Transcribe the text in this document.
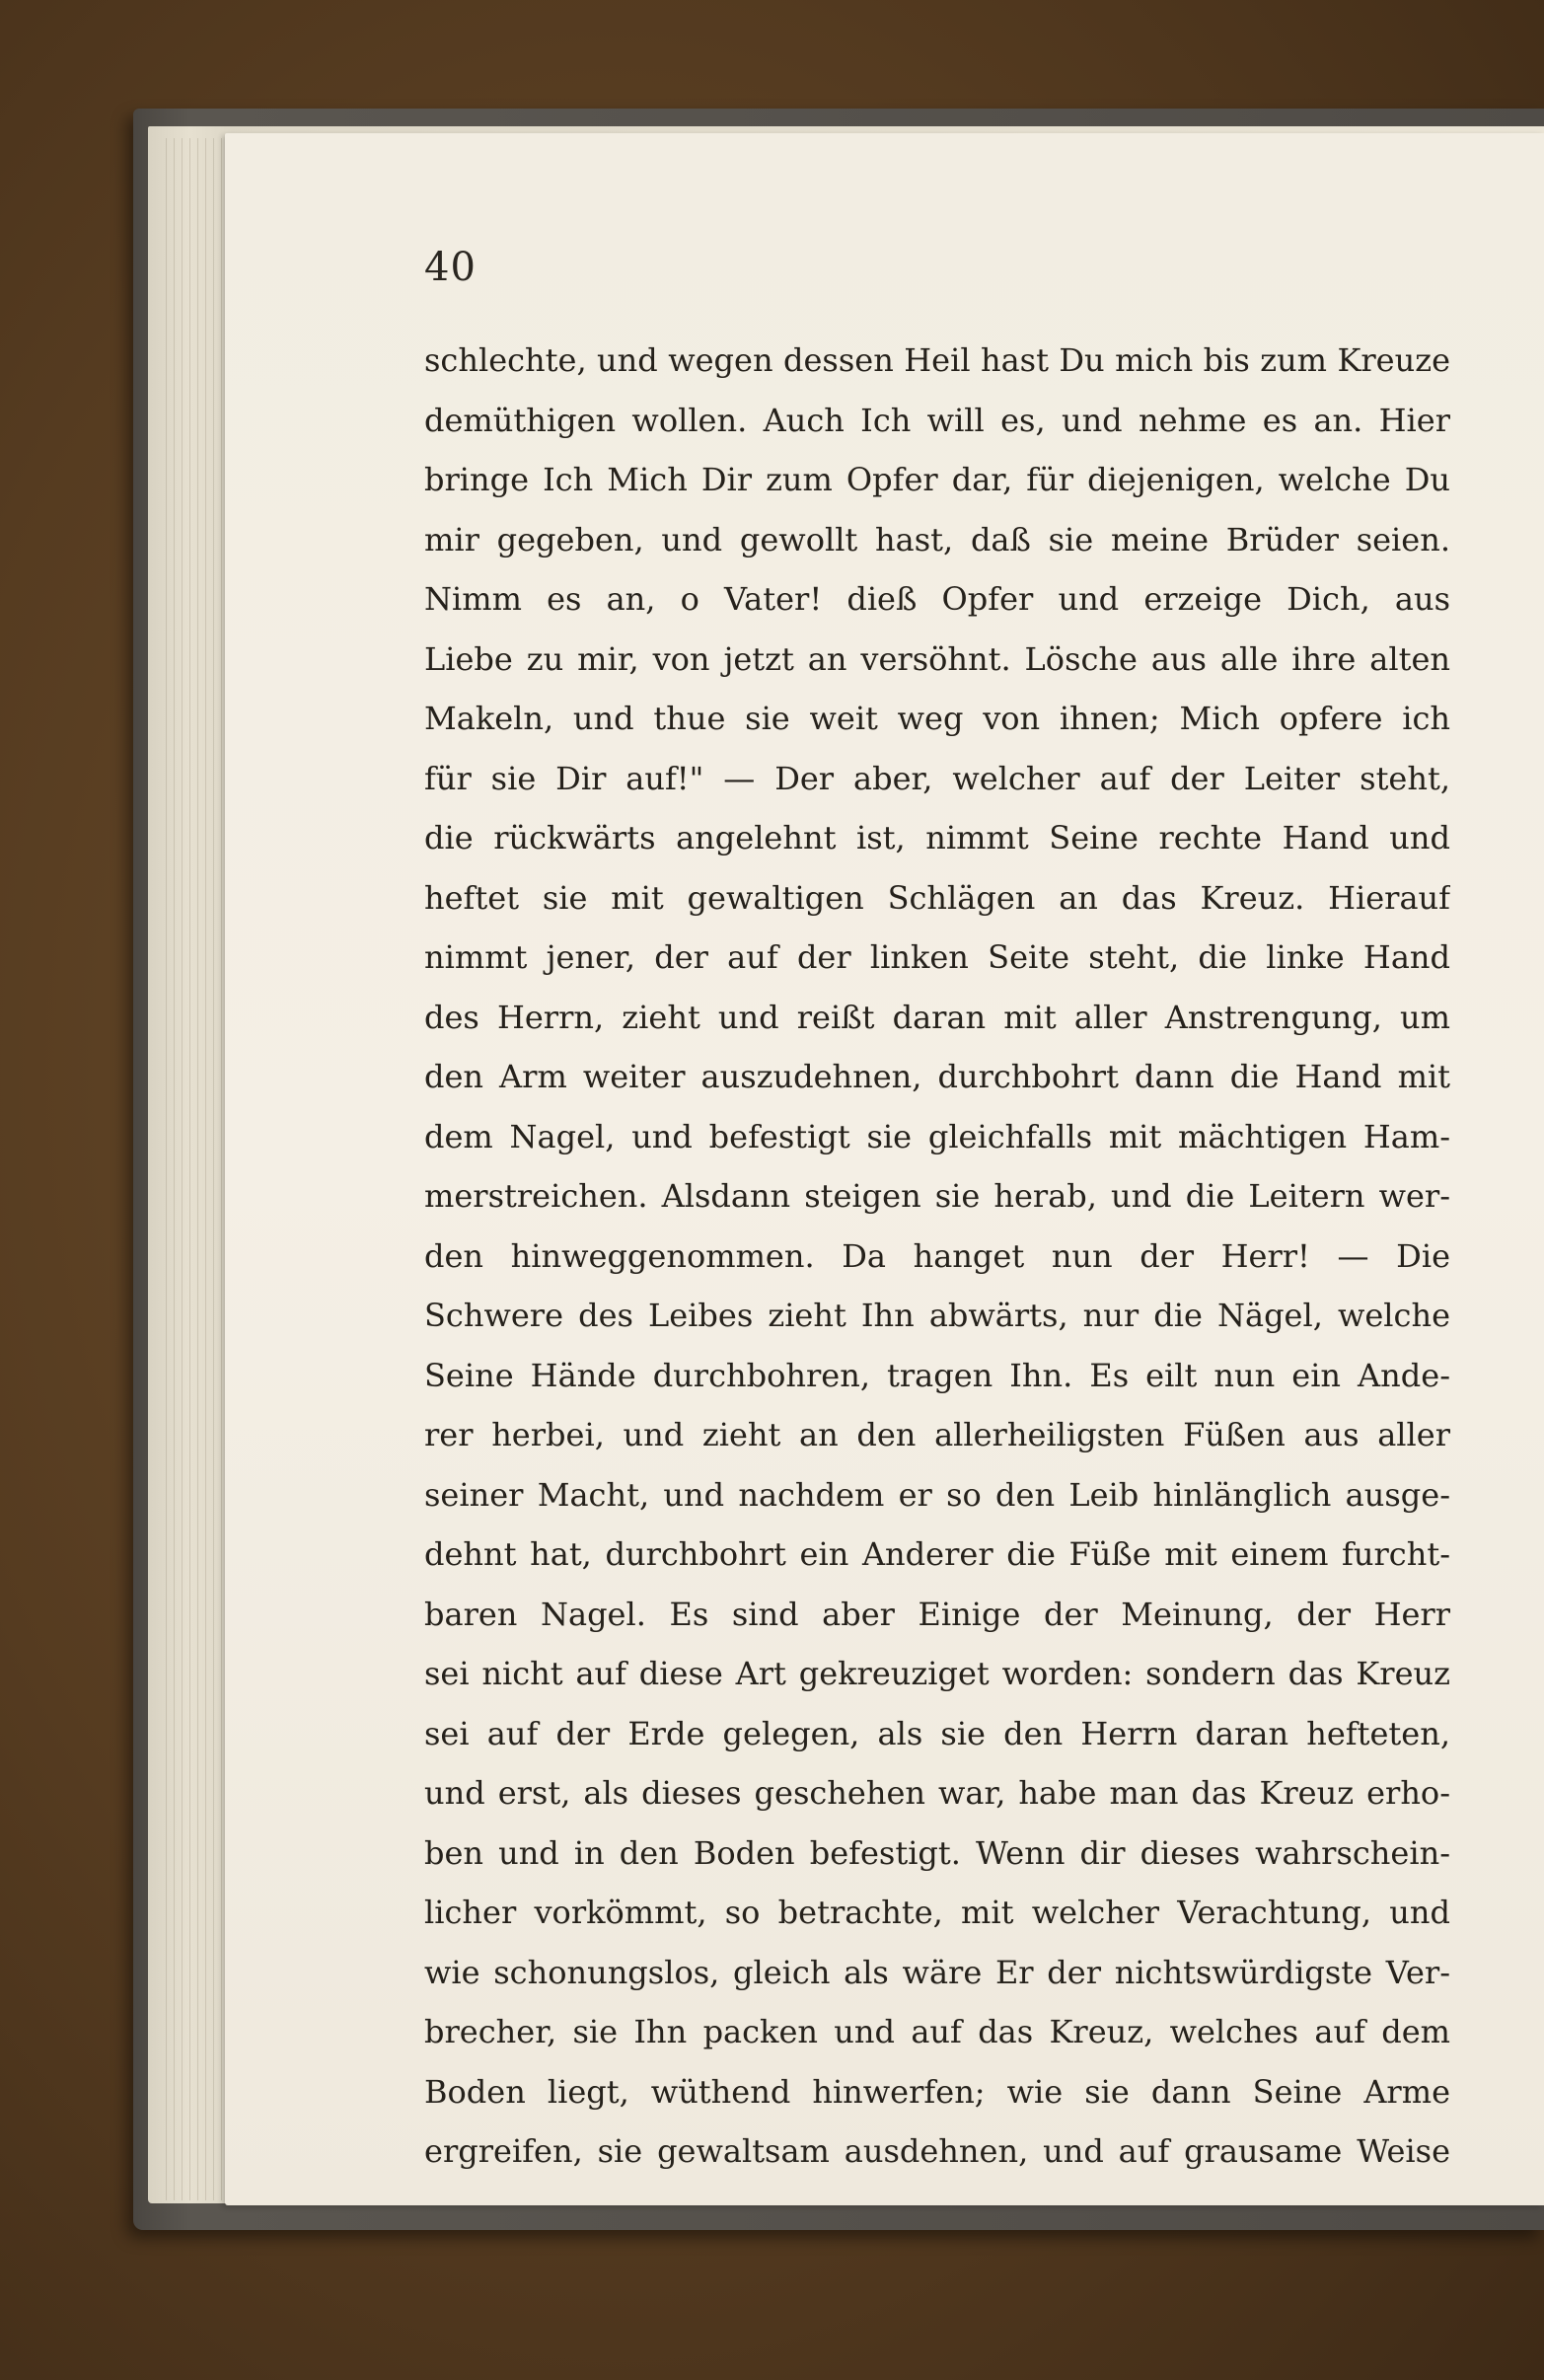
40
schlechte, und wegen dessen Heil hast Du mich bis zum Kreuze
demüthigen wollen. Auch Ich will es, und nehme es an. Hier
bringe Ich Mich Dir zum Opfer dar, für diejenigen, welche Du
mir gegeben, und gewollt hast, daß sie meine Brüder seien.
Nimm es an, o Vater! dieß Opfer und erzeige Dich, aus
Liebe zu mir, von jetzt an versöhnt. Lösche aus alle ihre alten
Makeln, und thue sie weit weg von ihnen; Mich opfere ich
für sie Dir auf!" — Der aber, welcher auf der Leiter steht,
die rückwärts angelehnt ist, nimmt Seine rechte Hand und
heftet sie mit gewaltigen Schlägen an das Kreuz. Hierauf
nimmt jener, der auf der linken Seite steht, die linke Hand
des Herrn, zieht und reißt daran mit aller Anstrengung, um
den Arm weiter auszudehnen, durchbohrt dann die Hand mit
dem Nagel, und befestigt sie gleichfalls mit mächtigen Ham-
merstreichen. Alsdann steigen sie herab, und die Leitern wer-
den hinweggenommen. Da hanget nun der Herr! — Die
Schwere des Leibes zieht Ihn abwärts, nur die Nägel, welche
Seine Hände durchbohren, tragen Ihn. Es eilt nun ein Ande-
rer herbei, und zieht an den allerheiligsten Füßen aus aller
seiner Macht, und nachdem er so den Leib hinlänglich ausge-
dehnt hat, durchbohrt ein Anderer die Füße mit einem furcht-
baren Nagel. Es sind aber Einige der Meinung, der Herr
sei nicht auf diese Art gekreuziget worden: sondern das Kreuz
sei auf der Erde gelegen, als sie den Herrn daran hefteten,
und erst, als dieses geschehen war, habe man das Kreuz erho-
ben und in den Boden befestigt. Wenn dir dieses wahrschein-
licher vorkömmt, so betrachte, mit welcher Verachtung, und
wie schonungslos, gleich als wäre Er der nichtswürdigste Ver-
brecher, sie Ihn packen und auf das Kreuz, welches auf dem
Boden liegt, wüthend hinwerfen; wie sie dann Seine Arme
ergreifen, sie gewaltsam ausdehnen, und auf grausame Weise
